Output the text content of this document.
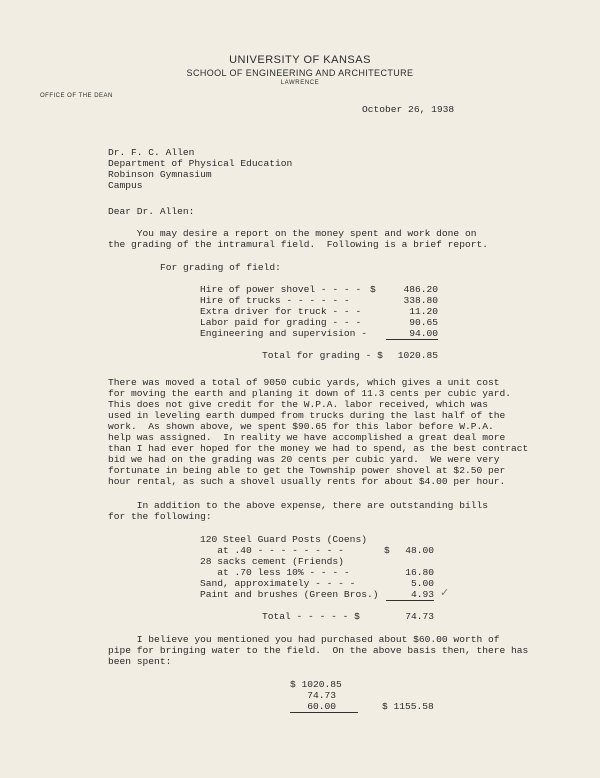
UNIVERSITY OF KANSAS
SCHOOL OF ENGINEERING AND ARCHITECTURE
LAWRENCE
OFFICE OF THE DEAN
October 26, 1938
Dr. F. C. Allen
Department of Physical Education
Robinson Gymnasium
Campus
Dear Dr. Allen:
You may desire a report on the money spent and work done on
the grading of the intramural field.  Following is a brief report.
For grading of field:
Hire of power shovel - - - - $	486.20
Hire of trucks - - - - - -	338.80
Extra driver for truck - - -	11.20
Labor paid for grading - - -	90.65
Engineering and supervision -	94.00
Total for grading - $	1020.85
There was moved a total of 9050 cubic yards, which gives a unit cost
for moving the earth and planing it down of 11.3 cents per cubic yard.
This does not give credit for the W.P.A. labor received, which was
used in leveling earth dumped from trucks during the last half of the
work.  As shown above, we spent $90.65 for this labor before W.P.A.
help was assigned.  In reality we have accomplished a great deal more
than I had ever hoped for the money we had to spend, as the best contract
bid we had on the grading was 20 cents per cubic yard.  We were very
fortunate in being able to get the Township power shovel at $2.50 per
hour rental, as such a shovel usually rents for about $4.00 per hour.
In addition to the above expense, there are outstanding bills
for the following:
120 Steel Guard Posts (Coens)
at .40 - - - - - - - -	$	48.00
28 sacks cement (Friends)
at .70 less 10% - - - -	16.80
Sand, approximately - - - -	5.00
Paint and brushes (Green Bros.)	4.93 ✓
Total - - - - - $	74.73
I believe you mentioned you had purchased about $60.00 worth of
pipe for bringing water to the field.  On the above basis then, there has
been spent:
$ 1020.85
74.73
60.00	$ 1155.58
